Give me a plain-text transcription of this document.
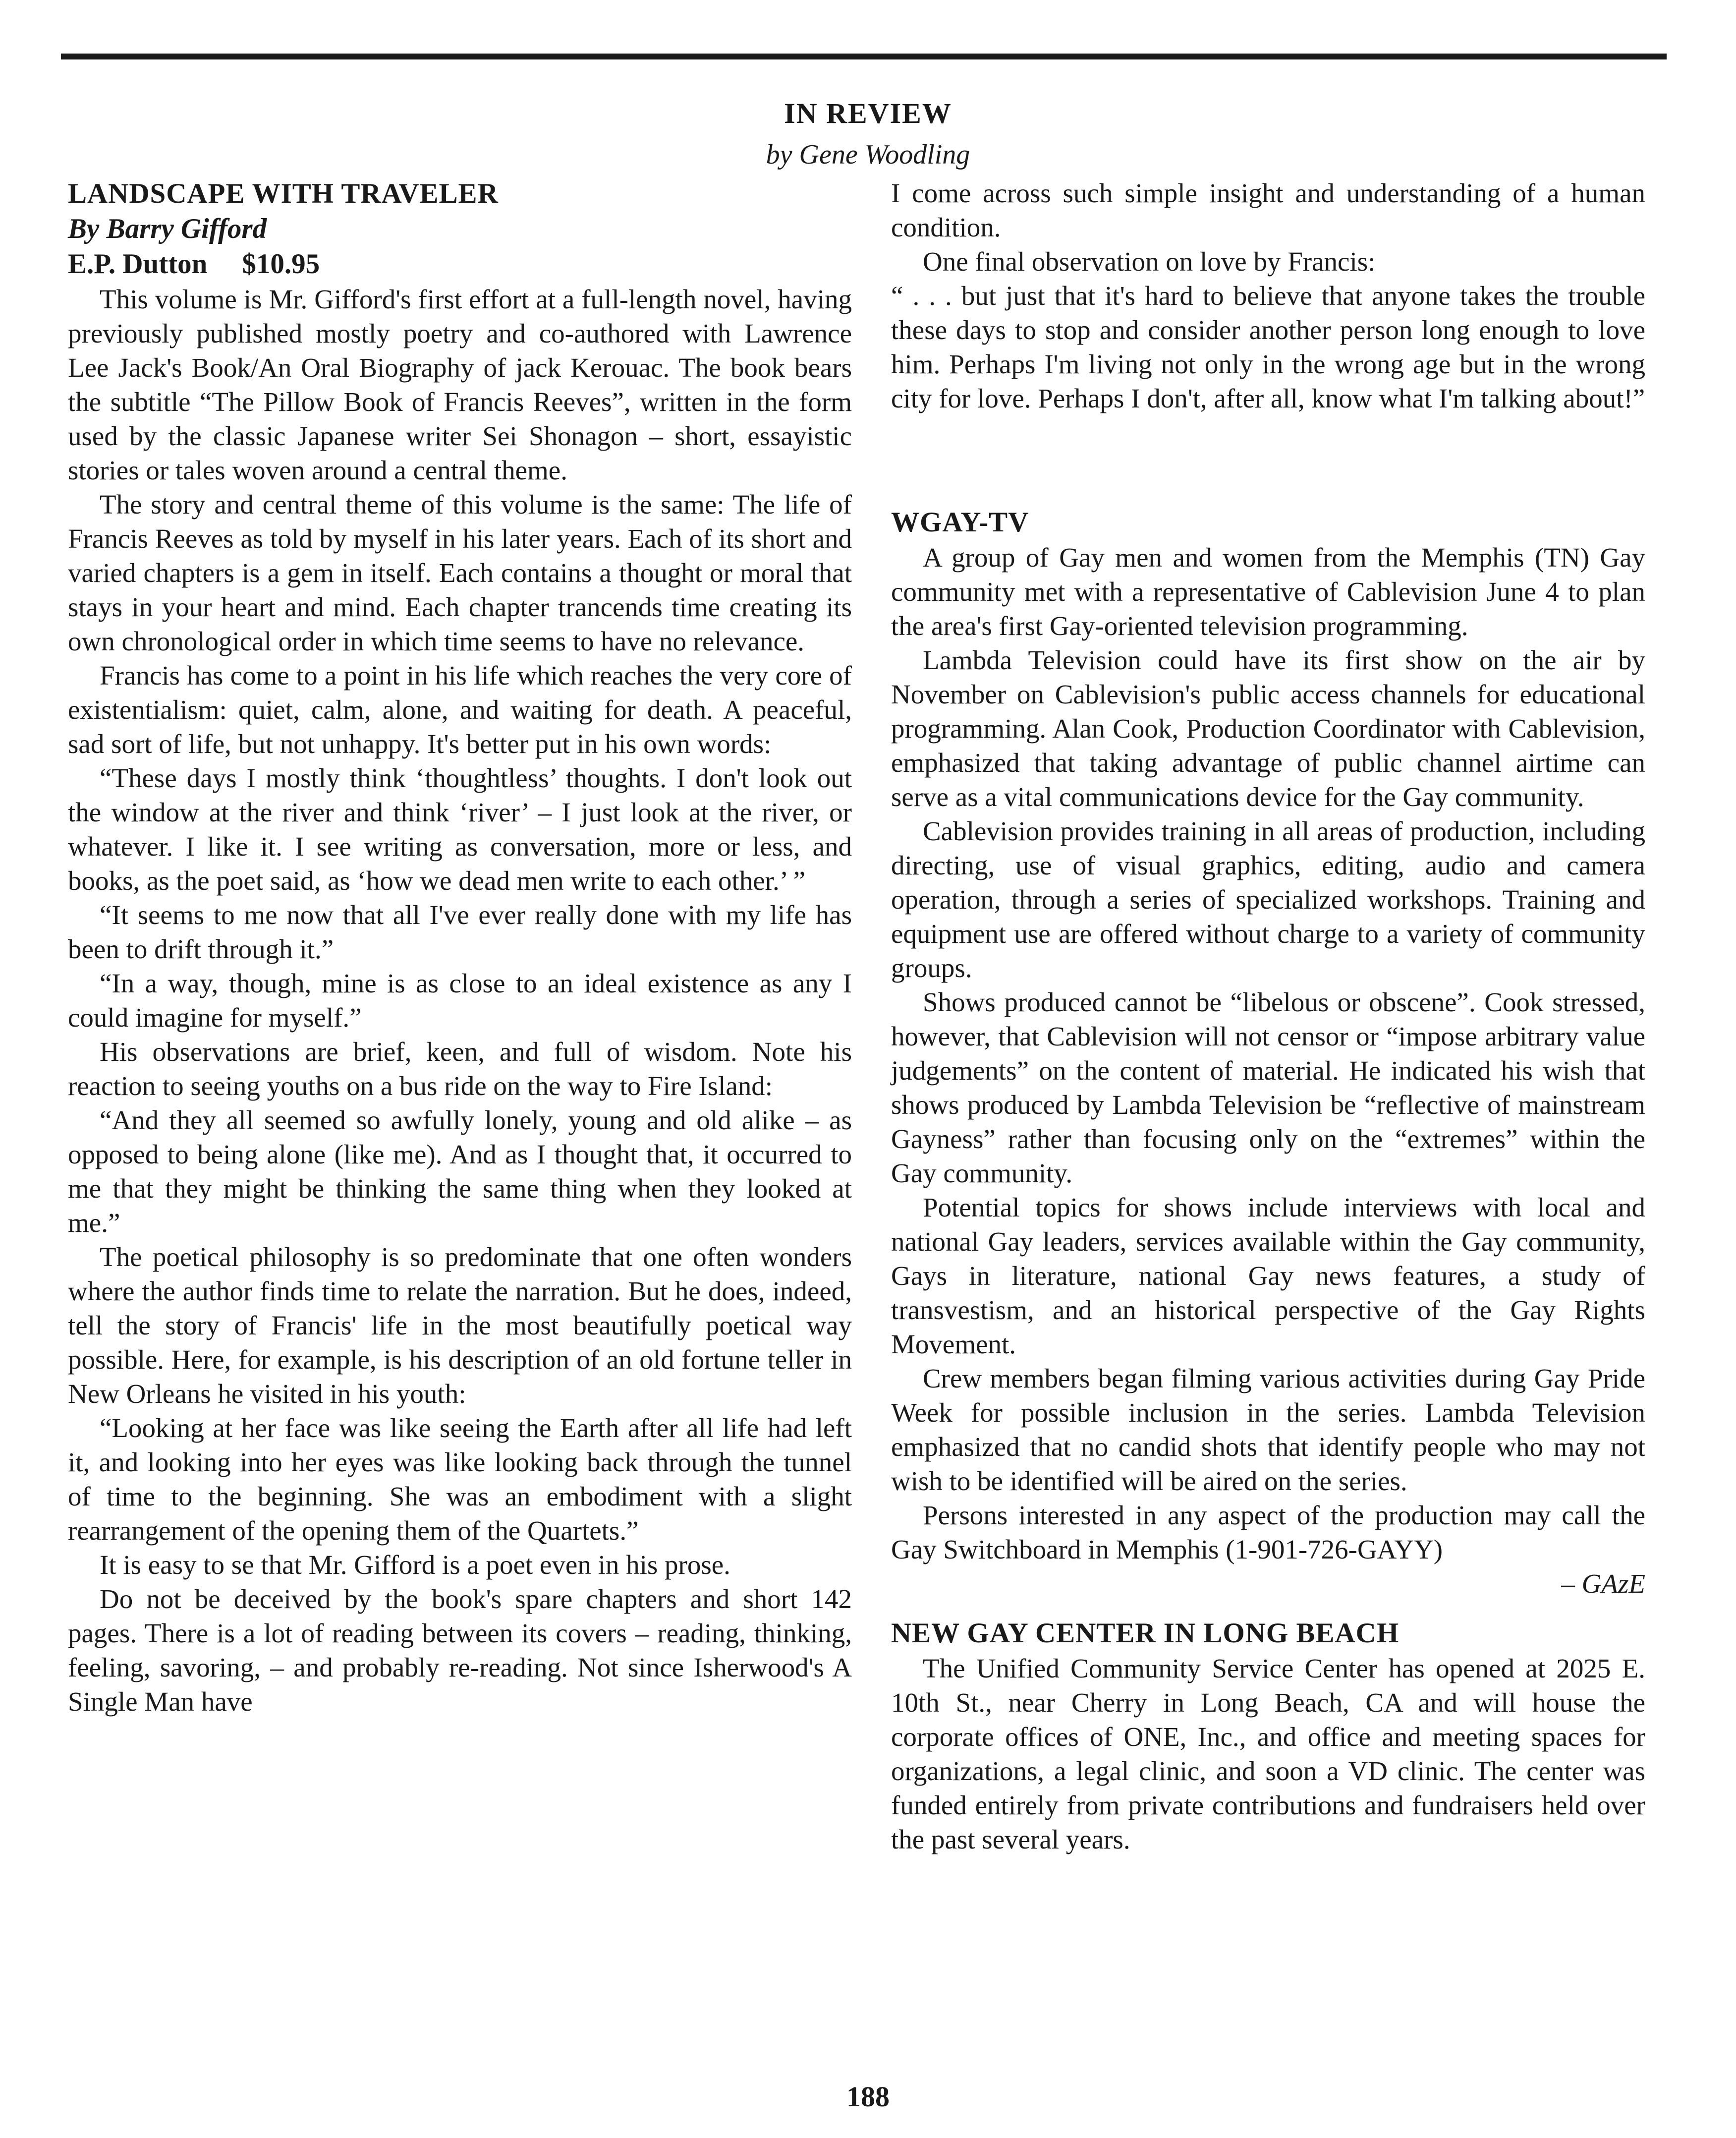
IN REVIEW
by Gene Woodling
LANDSCAPE WITH TRAVELER
By Barry Gifford
E.P. Dutton $10.95

This volume is Mr. Gifford's first effort at a full-length novel, having previously published mostly poetry and co-authored with Lawrence Lee Jack's Book/An Oral Biography of jack Kerouac. The book bears the subtitle “The Pillow Book of Francis Reeves”, written in the form used by the classic Japanese writer Sei Shonagon – short, essayistic stories or tales woven around a central theme.

The story and central theme of this volume is the same: The life of Francis Reeves as told by myself in his later years. Each of its short and varied chapters is a gem in itself. Each contains a thought or moral that stays in your heart and mind. Each chapter trancends time creating its own chronological order in which time seems to have no relevance.

Francis has come to a point in his life which reaches the very core of existentialism: quiet, calm, alone, and waiting for death. A peaceful, sad sort of life, but not unhappy. It's better put in his own words:

“These days I mostly think ‘thoughtless’ thoughts. I don't look out the window at the river and think ‘river’ – I just look at the river, or whatever. I like it. I see writing as conversation, more or less, and books, as the poet said, as ‘how we dead men write to each other.’ ”

“It seems to me now that all I've ever really done with my life has been to drift through it.”

“In a way, though, mine is as close to an ideal existence as any I could imagine for myself.”

His observations are brief, keen, and full of wisdom. Note his reaction to seeing youths on a bus ride on the way to Fire Island:

“And they all seemed so awfully lonely, young and old alike – as opposed to being alone (like me). And as I thought that, it occurred to me that they might be thinking the same thing when they looked at me.”

The poetical philosophy is so predominate that one often wonders where the author finds time to relate the narration. But he does, indeed, tell the story of Francis' life in the most beautifully poetical way possible. Here, for example, is his description of an old fortune teller in New Orleans he visited in his youth:

“Looking at her face was like seeing the Earth after all life had left it, and looking into her eyes was like looking back through the tunnel of time to the beginning. She was an embodiment with a slight rearrangement of the opening them of the Quartets.”

It is easy to se that Mr. Gifford is a poet even in his prose.

Do not be deceived by the book's spare chapters and short 142 pages. There is a lot of reading between its covers – reading, thinking, feeling, savoring, – and probably re-reading. Not since Isherwood's A Single Man have

I come across such simple insight and understanding of a human condition.

One final observation on love by Francis:

“ . . . but just that it's hard to believe that anyone takes the trouble these days to stop and consider another person long enough to love him. Perhaps I'm living not only in the wrong age but in the wrong city for love. Perhaps I don't, after all, know what I'm talking about!”

WGAY-TV

A group of Gay men and women from the Memphis (TN) Gay community met with a representative of Cablevision June 4 to plan the area's first Gay-oriented television programming.

Lambda Television could have its first show on the air by November on Cablevision's public access channels for educational programming. Alan Cook, Production Coordinator with Cablevision, emphasized that taking advantage of public channel airtime can serve as a vital communications device for the Gay community.

Cablevision provides training in all areas of production, including directing, use of visual graphics, editing, audio and camera operation, through a series of specialized workshops. Training and equipment use are offered without charge to a variety of community groups.

Shows produced cannot be “libelous or obscene”. Cook stressed, however, that Cablevision will not censor or “impose arbitrary value judgements” on the content of material. He indicated his wish that shows produced by Lambda Television be “reflective of mainstream Gayness” rather than focusing only on the “extremes” within the Gay community.

Potential topics for shows include interviews with local and national Gay leaders, services available within the Gay community, Gays in literature, national Gay news features, a study of transvestism, and an historical perspective of the Gay Rights Movement.

Crew members began filming various activities during Gay Pride Week for possible inclusion in the series. Lambda Television emphasized that no candid shots that identify people who may not wish to be identified will be aired on the series.

Persons interested in any aspect of the production may call the Gay Switchboard in Memphis (1-901-726-GAYY)

– GAzE
NEW GAY CENTER IN LONG BEACH

The Unified Community Service Center has opened at 2025 E. 10th St., near Cherry in Long Beach, CA and will house the corporate offices of ONE, Inc., and office and meeting spaces for organizations, a legal clinic, and soon a VD clinic. The center was funded entirely from private contributions and fundraisers held over the past several years.

188
